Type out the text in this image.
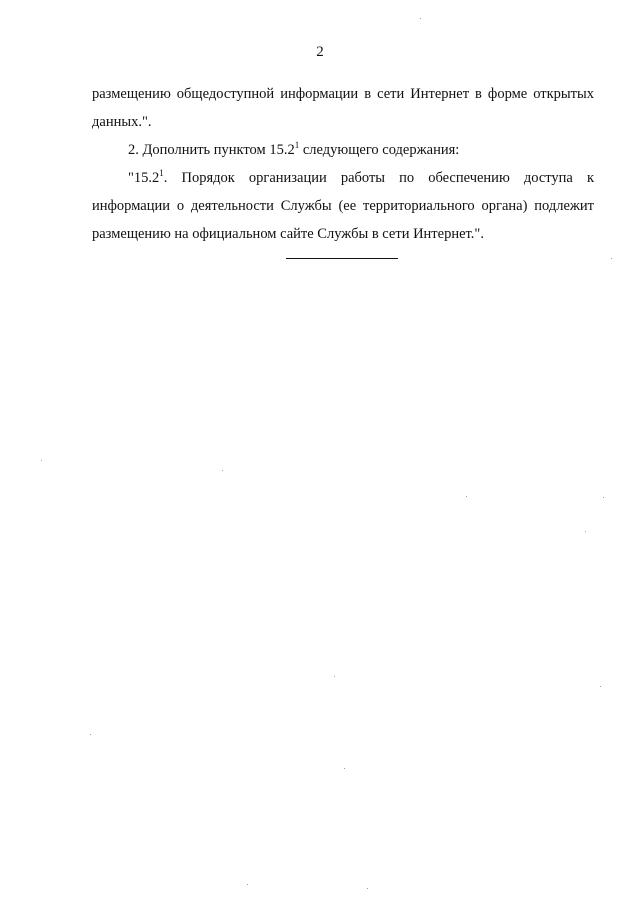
2

размещению общедоступной информации в сети Интернет в форме открытых данных.".

2. Дополнить пунктом 15.2$^1$ следующего содержания:

"15.2$^1$. Порядок организации работы по обеспечению доступа к информации о деятельности Службы (ее территориального органа) подлежит размещению на официальном сайте Службы в сети Интернет.".
